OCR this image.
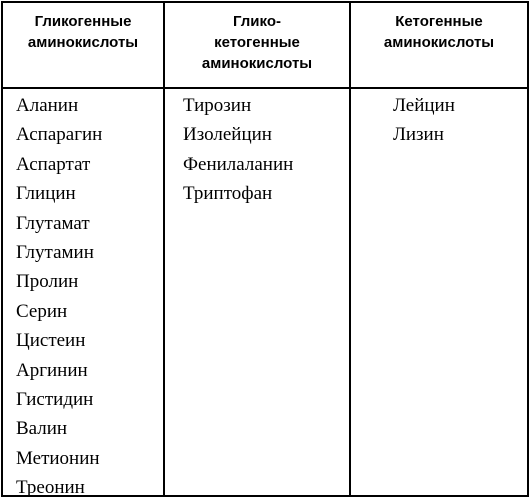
Гликогенные
аминокислоты
Глико-
кетогенные
аминокислоты
Кетогенные
аминокислоты
Аланин
Аспарагин
Аспартат
Глицин
Глутамат
Глутамин
Пролин
Серин
Цистеин
Аргинин
Гистидин
Валин
Метионин
Треонин
Тирозин
Изолейцин
Фенилаланин
Триптофан
Лейцин
Лизин
